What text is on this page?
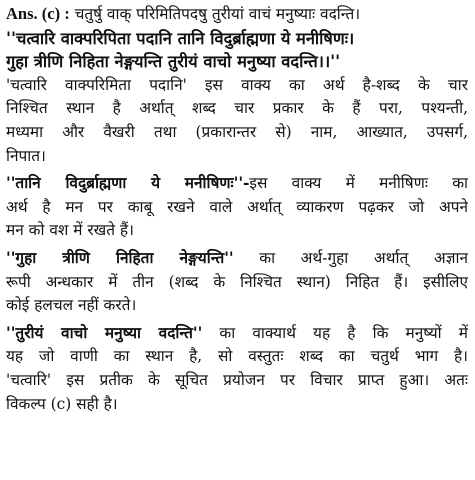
Ans. (c) : चतुर्षु वाक् परिमितिपदषु तुरीयां वाचं मनुष्याः वदन्ति।
''चत्वारि वाक्परिपिता पदानि तानि विदुर्ब्राह्मणा ये मनीषिणः।
गुहा त्रीणि निहिता नेङ्गयन्ति तुरीयं वाचो मनुष्या वदन्ति।।''
'चत्वारि वाक्परिमिता पदानि' इस वाक्य का अर्थ है-शब्द के चार
निश्चित स्थान है अर्थात् शब्द चार प्रकार के हैं परा, पश्यन्ती,
मध्यमा और वैखरी तथा (प्रकारान्तर से) नाम, आख्यात, उपसर्ग,
निपात।
''तानि विदुर्ब्राह्मणा ये मनीषिणः''-इस वाक्य में मनीषिणः का
अर्थ है मन पर काबू रखने वाले अर्थात् व्याकरण पढ़कर जो अपने
मन को वश में रखते हैं।
''गुहा त्रीणि निहिता नेङ्गयन्ति'' का अर्थ-गुहा अर्थात् अज्ञान
रूपी अन्धकार में तीन (शब्द के निश्चित स्थान) निहित हैं। इसीलिए
कोई हलचल नहीं करते।
''तुरीयं वाचो मनुष्या वदन्ति'' का वाक्यार्थ यह है कि मनुष्यों में
यह जो वाणी का स्थान है, सो वस्तुतः शब्द का चतुर्थ भाग है।
'चत्वारि' इस प्रतीक के सूचित प्रयोजन पर विचार प्राप्त हुआ। अतः
विकल्प (c) सही है।
